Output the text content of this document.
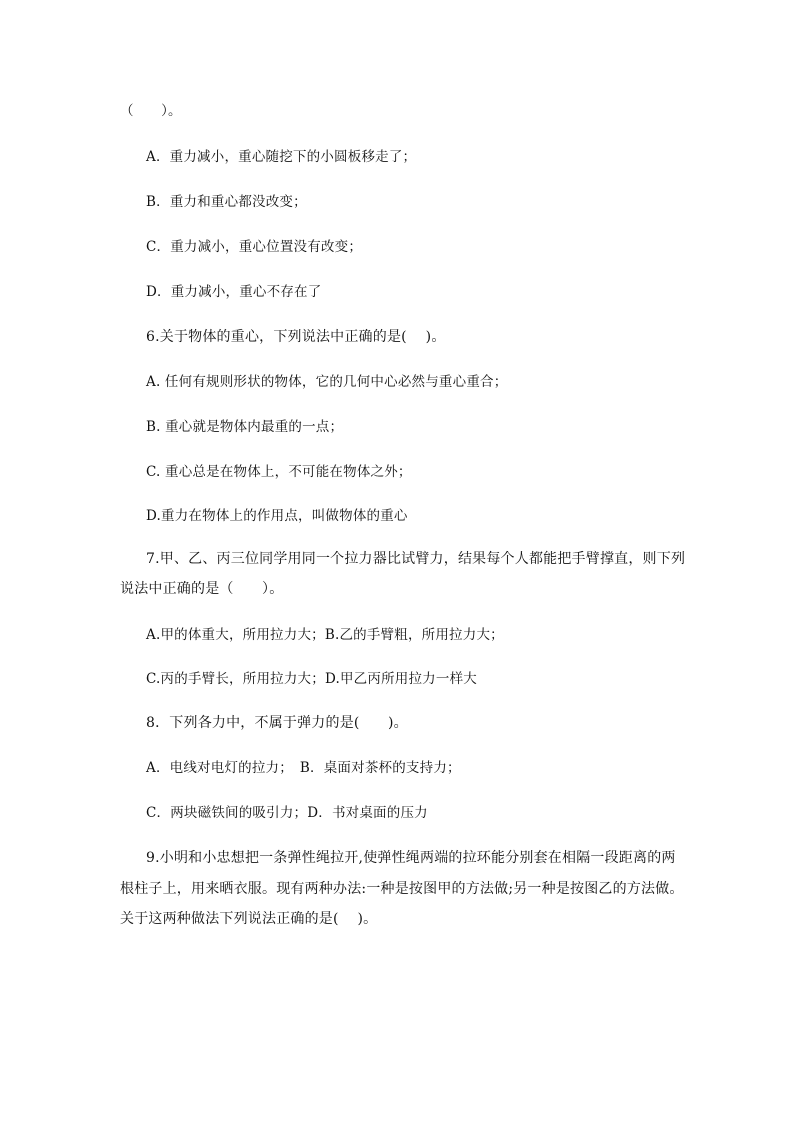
（　　）。
A．重力减小，重心随挖下的小圆板移走了；
B．重力和重心都没改变；
C．重力减小，重心位置没有改变；
D．重力减小，重心不存在了
6.关于物体的重心，下列说法中正确的是(　 )。
A. 任何有规则形状的物体，它的几何中心必然与重心重合；
B. 重心就是物体内最重的一点；
C. 重心总是在物体上，不可能在物体之外；
D.重力在物体上的作用点，叫做物体的重心
7.甲、乙、丙三位同学用同一个拉力器比试臂力，结果每个人都能把手臂撑直，则下列
说法中正确的是（　　）。
A.甲的体重大，所用拉力大；B.乙的手臂粗，所用拉力大；
C.丙的手臂长，所用拉力大；D.甲乙丙所用拉力一样大
8．下列各力中，不属于弹力的是(　　)。
A．电线对电灯的拉力；　B．桌面对茶杯的支持力；
C．两块磁铁间的吸引力；D．书对桌面的压力
9.小明和小忠想把一条弹性绳拉开,使弹性绳两端的拉环能分别套在相隔一段距离的两
根柱子上，用来晒衣服。现有两种办法:一种是按图甲的方法做;另一种是按图乙的方法做。
关于这两种做法下列说法正确的是(　 )。
